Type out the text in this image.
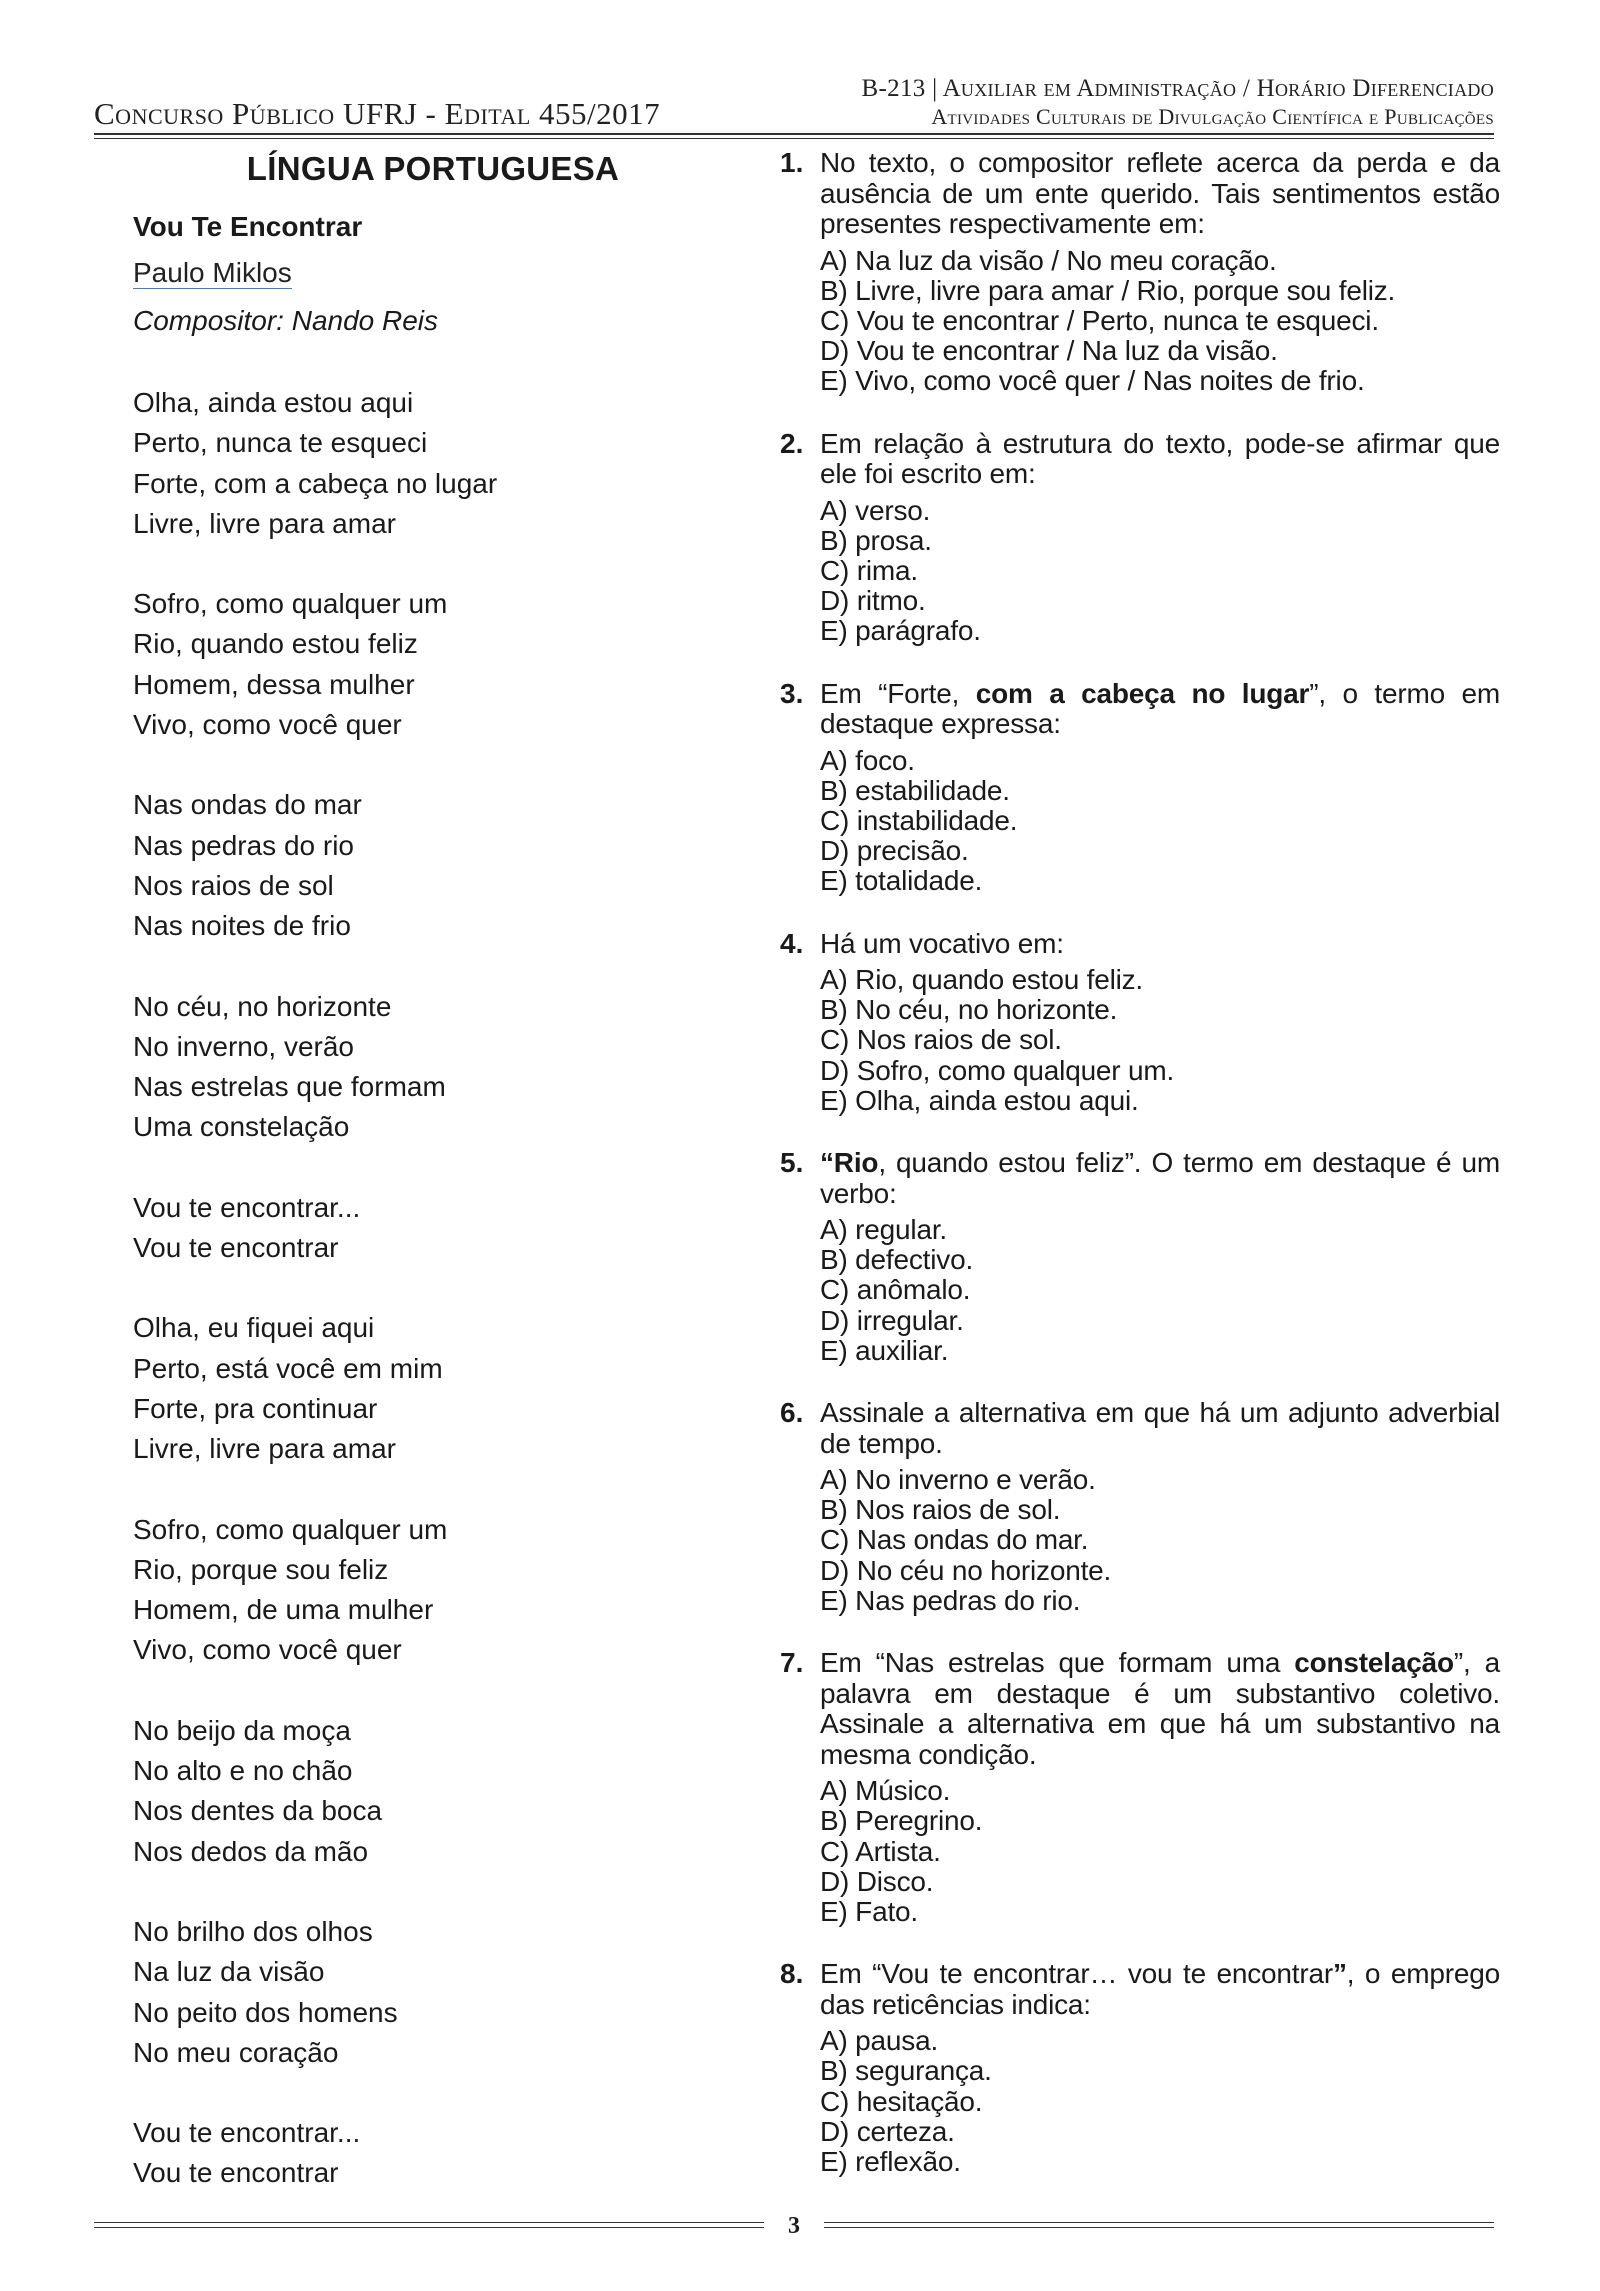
Concurso Público UFRJ - Edital 455/2017
B-213 | Auxiliar em Administração / Horário Diferenciado
Atividades Culturais de Divulgação Científica e Publicações
LÍNGUA PORTUGUESA
Vou Te Encontrar
Paulo Miklos
Compositor: Nando Reis
Olha, ainda estou aqui
Perto, nunca te esqueci
Forte, com a cabeça no lugar
Livre, livre para amar
Sofro, como qualquer um
Rio, quando estou feliz
Homem, dessa mulher
Vivo, como você quer
Nas ondas do mar
Nas pedras do rio
Nos raios de sol
Nas noites de frio
No céu, no horizonte
No inverno, verão
Nas estrelas que formam
Uma constelação
Vou te encontrar...
Vou te encontrar
Olha, eu fiquei aqui
Perto, está você em mim
Forte, pra continuar
Livre, livre para amar
Sofro, como qualquer um
Rio, porque sou feliz
Homem, de uma mulher
Vivo, como você quer
No beijo da moça
No alto e no chão
Nos dentes da boca
Nos dedos da mão
No brilho dos olhos
Na luz da visão
No peito dos homens
No meu coração
Vou te encontrar...
Vou te encontrar
1. No texto, o compositor reflete acerca da perda e da ausência de um ente querido. Tais sentimentos estão presentes respectivamente em:
A) Na luz da visão / No meu coração.
B) Livre, livre para amar / Rio, porque sou feliz.
C) Vou te encontrar / Perto, nunca te esqueci.
D) Vou te encontrar / Na luz da visão.
E) Vivo, como você quer / Nas noites de frio.
2. Em relação à estrutura do texto, pode-se afirmar que ele foi escrito em:
A) verso.
B) prosa.
C) rima.
D) ritmo.
E) parágrafo.
3. Em “Forte, com a cabeça no lugar”, o termo em destaque expressa:
A) foco.
B) estabilidade.
C) instabilidade.
D) precisão.
E) totalidade.
4. Há um vocativo em:
A) Rio, quando estou feliz.
B) No céu, no horizonte.
C) Nos raios de sol.
D) Sofro, como qualquer um.
E) Olha, ainda estou aqui.
5. “Rio, quando estou feliz”. O termo em destaque é um verbo:
A) regular.
B) defectivo.
C) anômalo.
D) irregular.
E) auxiliar.
6. Assinale a alternativa em que há um adjunto adverbial de tempo.
A) No inverno e verão.
B) Nos raios de sol.
C) Nas ondas do mar.
D) No céu no horizonte.
E) Nas pedras do rio.
7. Em “Nas estrelas que formam uma constelação”, a palavra em destaque é um substantivo coletivo. Assinale a alternativa em que há um substantivo na mesma condição.
A) Músico.
B) Peregrino.
C) Artista.
D) Disco.
E) Fato.
8. Em “Vou te encontrar… vou te encontrar”, o emprego das reticências indica:
A) pausa.
B) segurança.
C) hesitação.
D) certeza.
E) reflexão.
3
